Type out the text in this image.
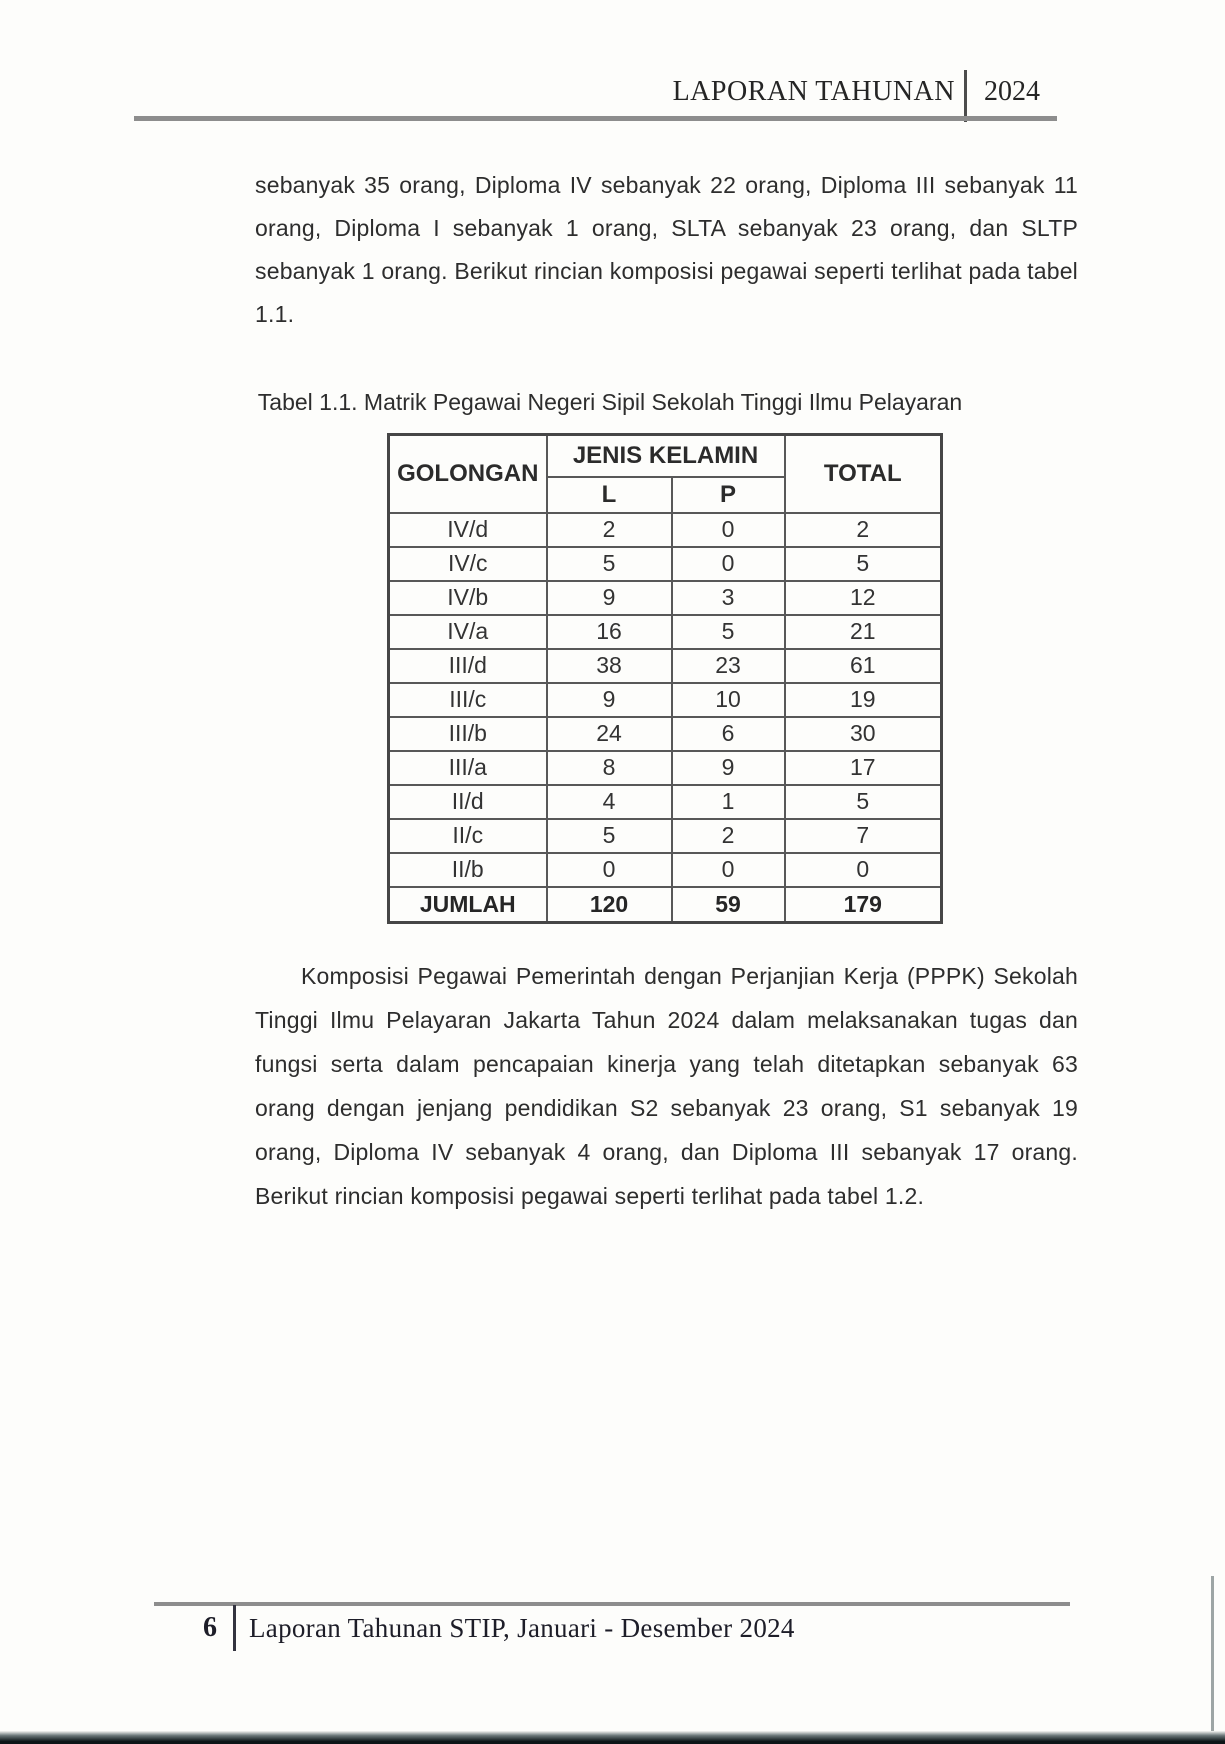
LAPORAN TAHUNAN 2024

sebanyak 35 orang, Diploma IV sebanyak 22 orang, Diploma III sebanyak 11 orang, Diploma I sebanyak 1 orang, SLTA sebanyak 23 orang, dan SLTP sebanyak 1 orang. Berikut rincian komposisi pegawai seperti terlihat pada tabel 1.1.

Tabel 1.1. Matrik Pegawai Negeri Sipil Sekolah Tinggi Ilmu Pelayaran
GOLONGAN	JENIS KELAMIN		TOTAL
	L	P	
IV/d	2	0	2
IV/c	5	0	5
IV/b	9	3	12
IV/a	16	5	21
III/d	38	23	61
III/c	9	10	19
III/b	24	6	30
III/a	8	9	17
II/d	4	1	5
II/c	5	2	7
II/b	0	0	0
JUMLAH	120	59	179

Komposisi Pegawai Pemerintah dengan Perjanjian Kerja (PPPK) Sekolah Tinggi Ilmu Pelayaran Jakarta Tahun 2024 dalam melaksanakan tugas dan fungsi serta dalam pencapaian kinerja yang telah ditetapkan sebanyak 63 orang dengan jenjang pendidikan S2 sebanyak 23 orang, S1 sebanyak 19 orang, Diploma IV sebanyak 4 orang, dan Diploma III sebanyak 17 orang. Berikut rincian komposisi pegawai seperti terlihat pada tabel 1.2.

6 Laporan Tahunan STIP, Januari - Desember 2024
